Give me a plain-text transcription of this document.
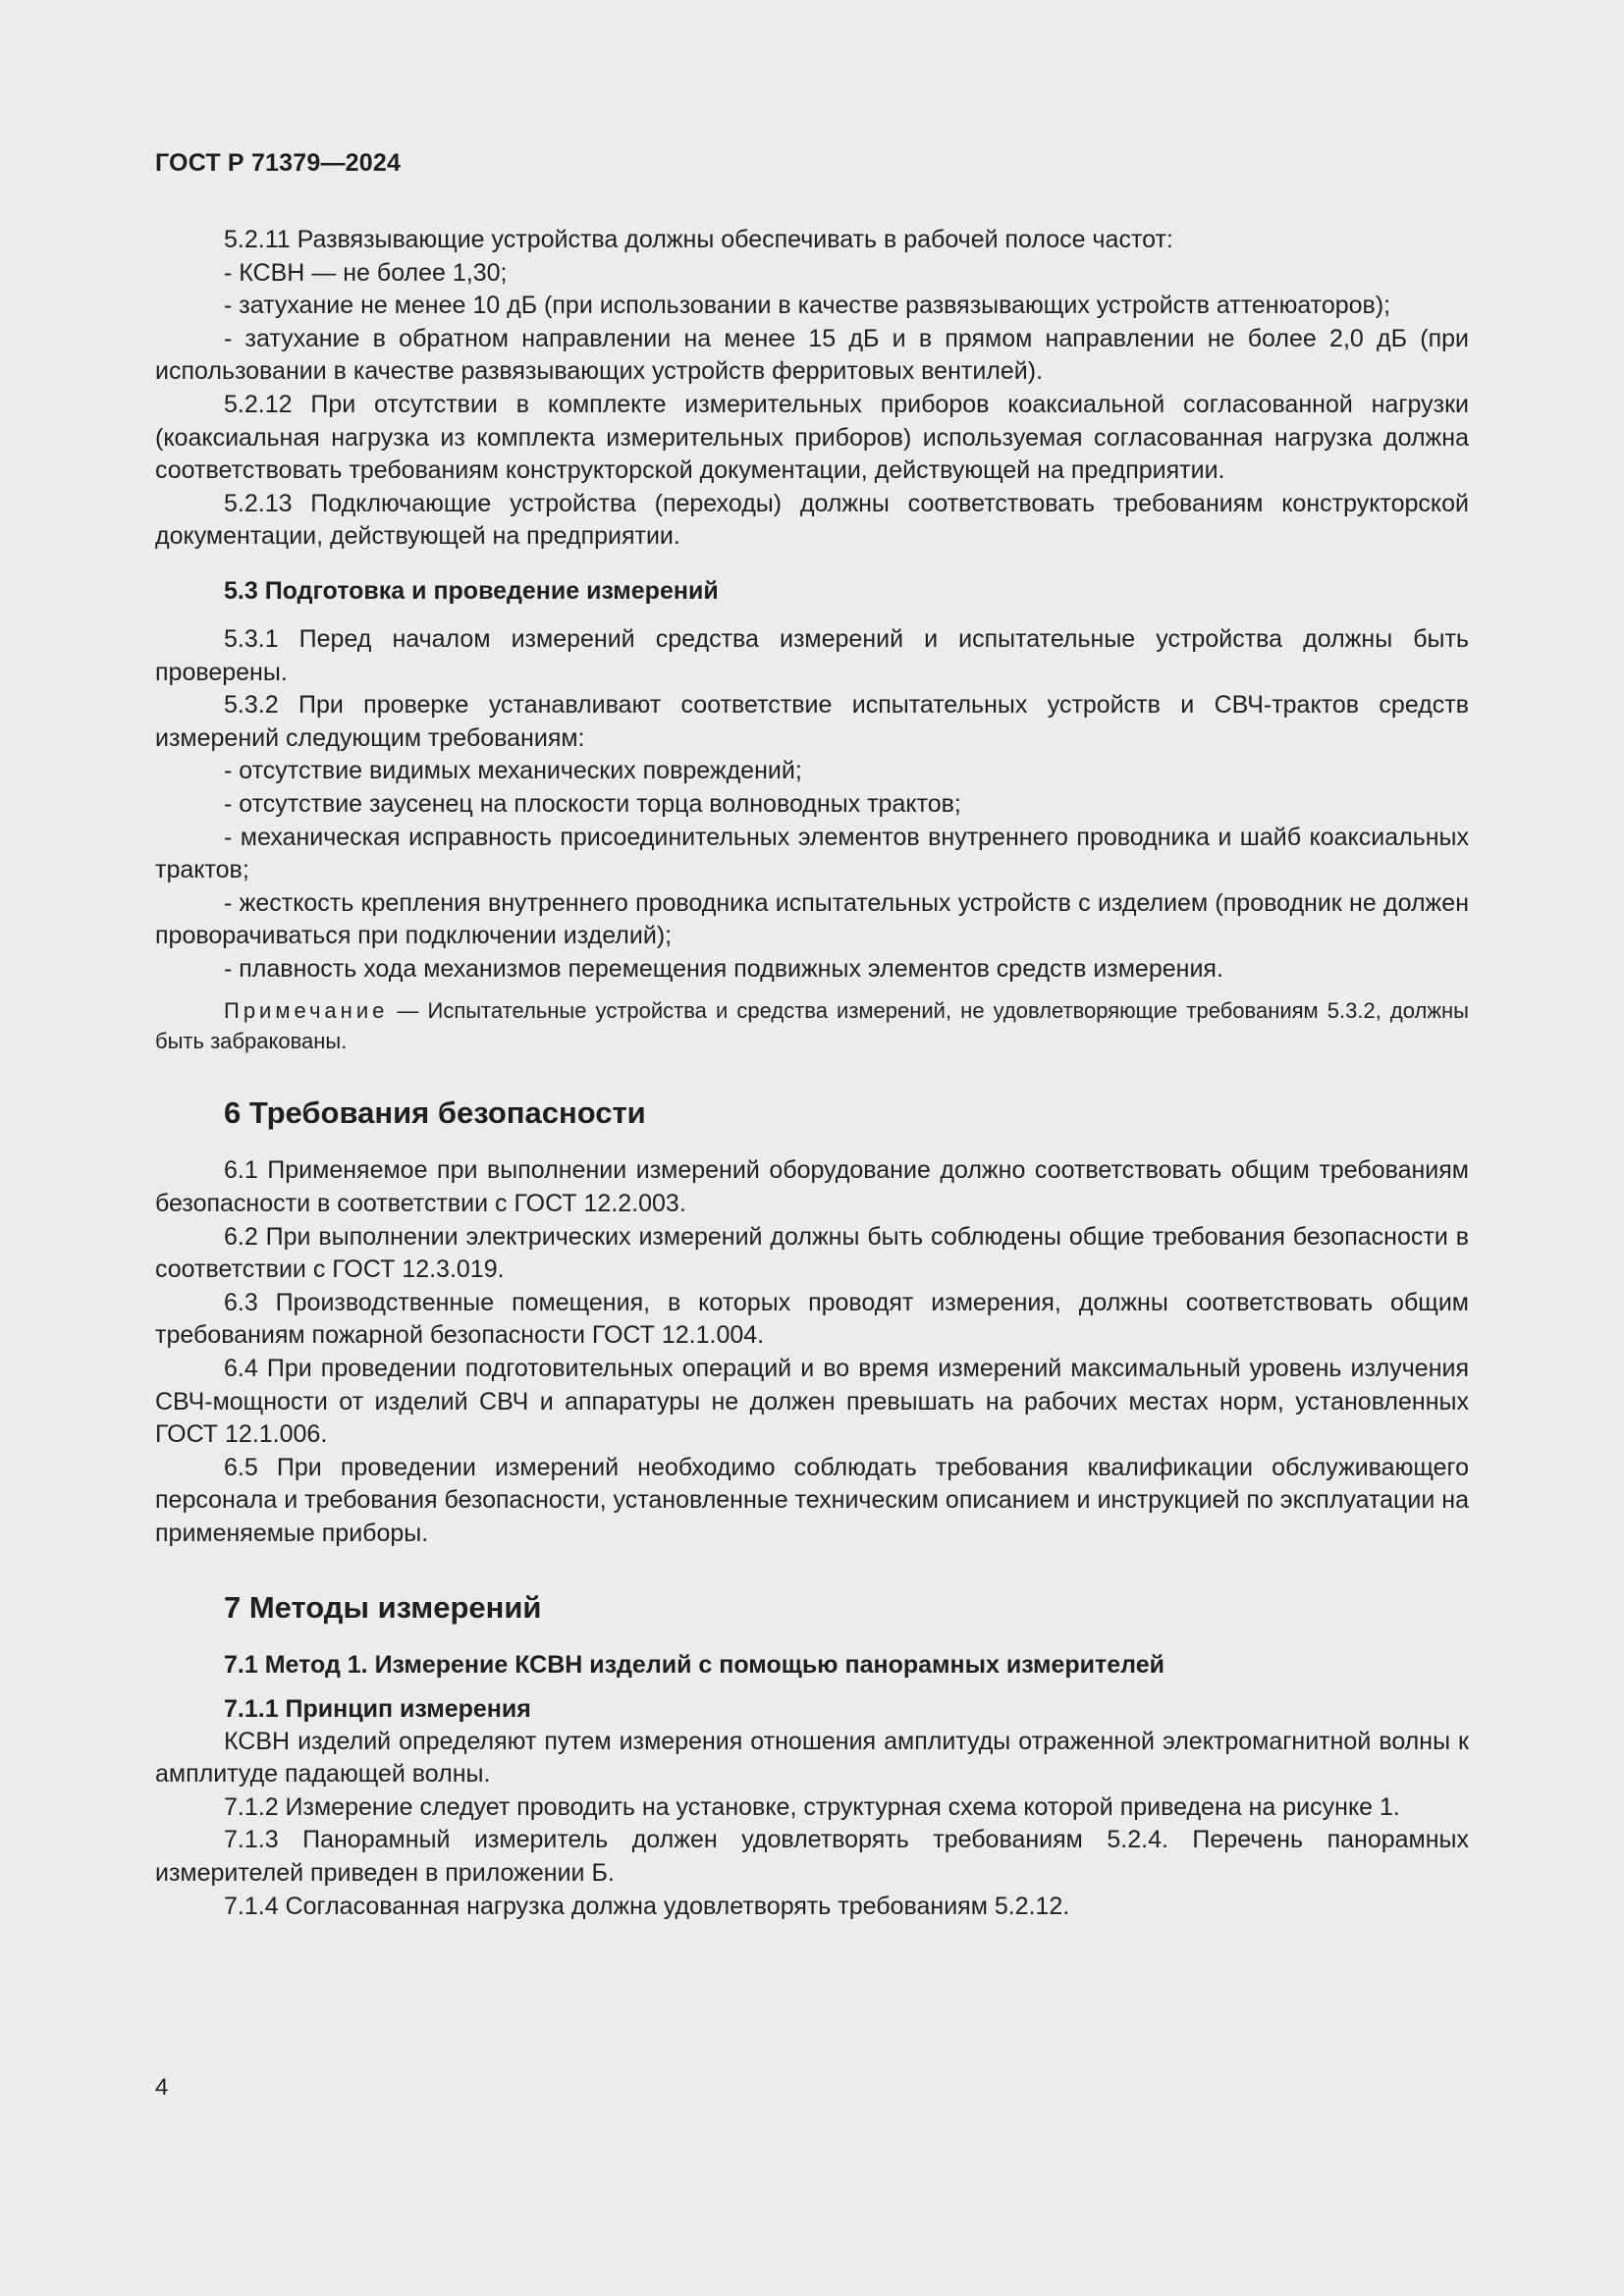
ГОСТ Р 71379—2024

5.2.11 Развязывающие устройства должны обеспечивать в рабочей полосе частот:

- КСВН — не более 1,30;

- затухание не менее 10 дБ (при использовании в качестве развязывающих устройств аттенюаторов);

- затухание в обратном направлении на менее 15 дБ и в прямом направлении не более 2,0 дБ (при использовании в качестве развязывающих устройств ферритовых вентилей).

5.2.12 При отсутствии в комплекте измерительных приборов коаксиальной согласованной нагрузки (коаксиальная нагрузка из комплекта измерительных приборов) используемая согласованная нагрузка должна соответствовать требованиям конструкторской документации, действующей на предприятии.

5.2.13 Подключающие устройства (переходы) должны соответствовать требованиям конструкторской документации, действующей на предприятии.

5.3 Подготовка и проведение измерений

5.3.1 Перед началом измерений средства измерений и испытательные устройства должны быть проверены.

5.3.2 При проверке устанавливают соответствие испытательных устройств и СВЧ-трактов средств измерений следующим требованиям:

- отсутствие видимых механических повреждений;

- отсутствие заусенец на плоскости торца волноводных трактов;

- механическая исправность присоединительных элементов внутреннего проводника и шайб коаксиальных трактов;

- жесткость крепления внутреннего проводника испытательных устройств с изделием (проводник не должен проворачиваться при подключении изделий);

- плавность хода механизмов перемещения подвижных элементов средств измерения.

Примечание — Испытательные устройства и средства измерений, не удовлетворяющие требованиям 5.3.2, должны быть забракованы.
6 Требования безопасности

6.1 Применяемое при выполнении измерений оборудование должно соответствовать общим требованиям безопасности в соответствии с ГОСТ 12.2.003.

6.2 При выполнении электрических измерений должны быть соблюдены общие требования безопасности в соответствии с ГОСТ 12.3.019.

6.3 Производственные помещения, в которых проводят измерения, должны соответствовать общим требованиям пожарной безопасности ГОСТ 12.1.004.

6.4 При проведении подготовительных операций и во время измерений максимальный уровень излучения СВЧ-мощности от изделий СВЧ и аппаратуры не должен превышать на рабочих местах норм, установленных ГОСТ 12.1.006.

6.5 При проведении измерений необходимо соблюдать требования квалификации обслуживающего персонала и требования безопасности, установленные техническим описанием и инструкцией по эксплуатации на применяемые приборы.

7 Методы измерений
7.1 Метод 1. Измерение КСВН изделий с помощью панорамных измерителей
7.1.1 Принцип измерения

КСВН изделий определяют путем измерения отношения амплитуды отраженной электромагнитной волны к амплитуде падающей волны.

7.1.2 Измерение следует проводить на установке, структурная схема которой приведена на рисунке 1.

7.1.3 Панорамный измеритель должен удовлетворять требованиям 5.2.4. Перечень панорамных измерителей приведен в приложении Б.

7.1.4 Согласованная нагрузка должна удовлетворять требованиям 5.2.12.

4
